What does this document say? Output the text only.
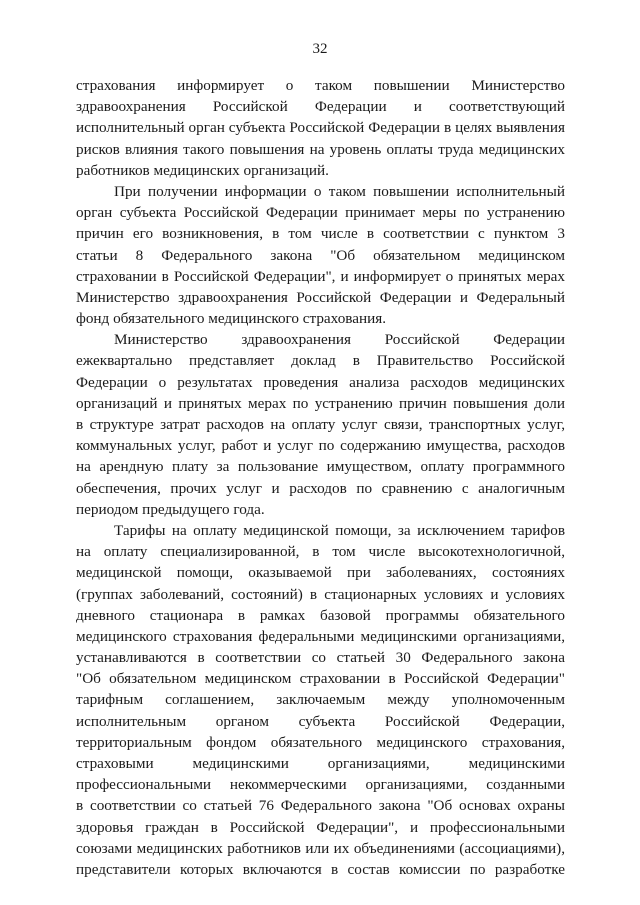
32
страхования информирует о таком повышении Министерство
здравоохранения Российской Федерации и соответствующий
исполнительный орган субъекта Российской Федерации в целях выявления
рисков влияния такого повышения на уровень оплаты труда медицинских
работников медицинских организаций.
При получении информации о таком повышении исполнительный
орган субъекта Российской Федерации принимает меры по устранению
причин его возникновения, в том числе в соответствии с пунктом 3
статьи 8 Федерального закона "Об обязательном медицинском
страховании в Российской Федерации", и информирует о принятых мерах
Министерство здравоохранения Российской Федерации и Федеральный
фонд обязательного медицинского страхования.
Министерство здравоохранения Российской Федерации
ежеквартально представляет доклад в Правительство Российской
Федерации о результатах проведения анализа расходов медицинских
организаций и принятых мерах по устранению причин повышения доли
в структуре затрат расходов на оплату услуг связи, транспортных услуг,
коммунальных услуг, работ и услуг по содержанию имущества, расходов
на арендную плату за пользование имуществом, оплату программного
обеспечения, прочих услуг и расходов по сравнению с аналогичным
периодом предыдущего года.
Тарифы на оплату медицинской помощи, за исключением тарифов
на оплату специализированной, в том числе высокотехнологичной,
медицинской помощи, оказываемой при заболеваниях, состояниях
(группах заболеваний, состояний) в стационарных условиях и условиях
дневного стационара в рамках базовой программы обязательного
медицинского страхования федеральными медицинскими организациями,
устанавливаются в соответствии со статьей 30 Федерального закона
"Об обязательном медицинском страховании в Российской Федерации"
тарифным соглашением, заключаемым между уполномоченным
исполнительным органом субъекта Российской Федерации,
территориальным фондом обязательного медицинского страхования,
страховыми медицинскими организациями, медицинскими
профессиональными некоммерческими организациями, созданными
в соответствии со статьей 76 Федерального закона "Об основах охраны
здоровья граждан в Российской Федерации", и профессиональными
союзами медицинских работников или их объединениями (ассоциациями),
представители которых включаются в состав комиссии по разработке
